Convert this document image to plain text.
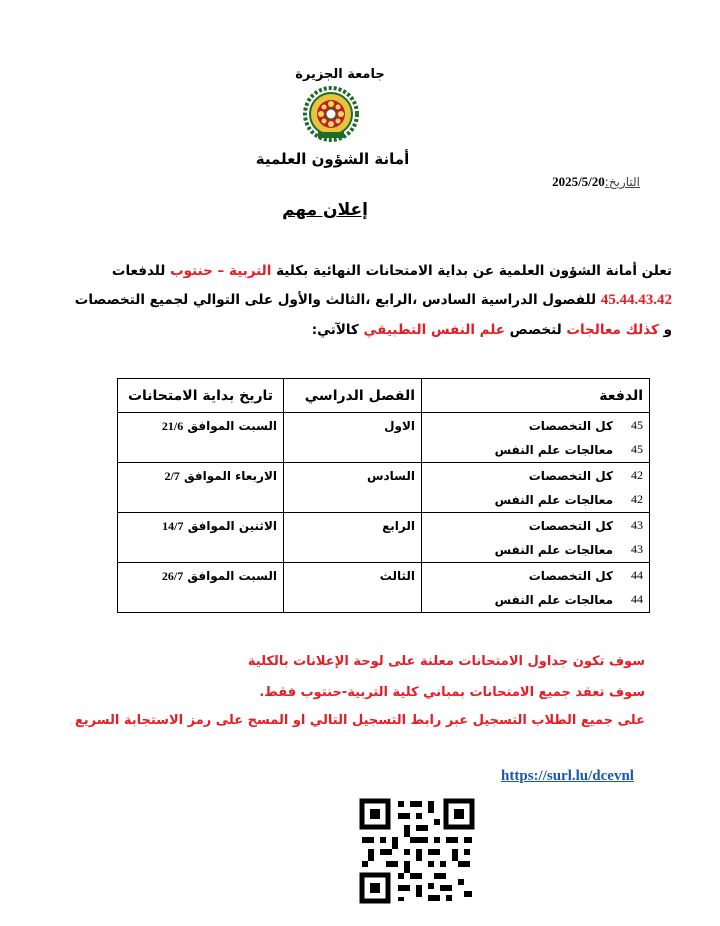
جامعة الجزيرة
أمانة الشؤون العلمية
التاريخ:2025/5/20
إعلان مهم
تعلن أمانة الشؤون العلمية عن بداية الامتحانات النهائية بكلية التربية – حنتوب للدفعات
45.44.43.42 للفصول الدراسية السادس ،الرابع ،الثالث والأول على التوالي لجميع التخصصات
و كذلك معالجات لتخصص علم النفس التطبيقي كالآتي:
الدفعة	الفصل الدراسي	تاريخ بداية الامتحانات

45
كل التخصصات
45
معالجات علم النفس	الاول	السبت الموافق 21/6

42
كل التخصصات
42
معالجات علم النفس	السادس	الاربعاء الموافق 2/7

43
كل التخصصات
43
معالجات علم النفس	الرابع	الاثنين الموافق 14/7

44
كل التخصصات
44
معالجات علم النفس	الثالث	السبت الموافق 26/7
سوف تكون جداول الامتحانات معلنة على لوحة الإعلانات بالكلية
سوف تعقد جميع الامتحانات بمباني كلية التربية-حنتوب فقط.
على جميع الطلاب التسجيل عبر رابط التسجيل التالي او المسح على رمز الاستجابة السريع
https://surl.lu/dcevnl
